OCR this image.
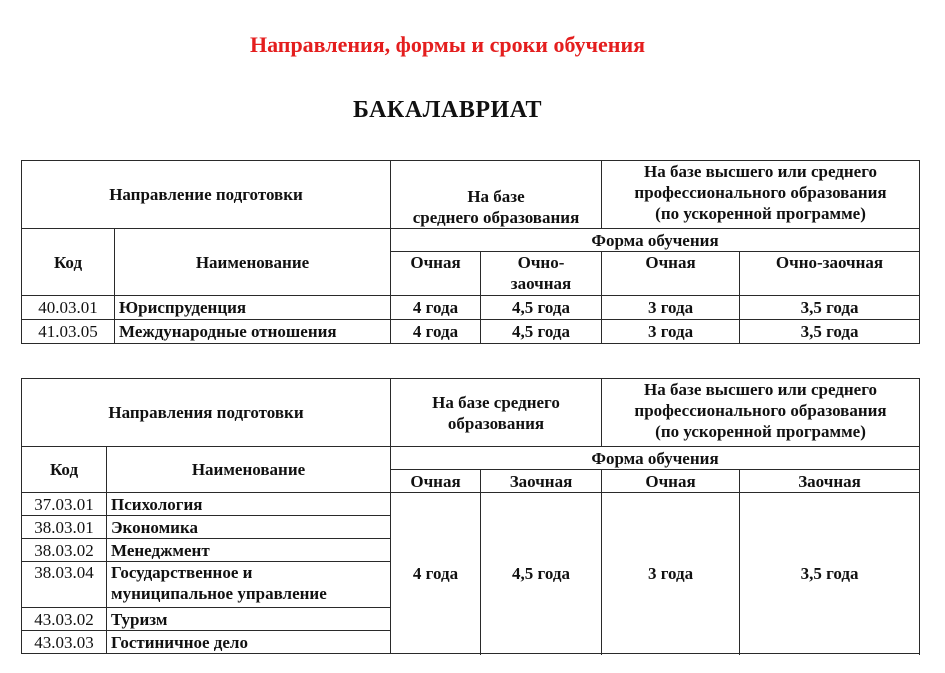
Направления, формы и сроки обучения
БАКАЛАВРИАТ
Направление подготовки		На базе
среднего образования		На базе высшего или среднего
профессионального образования
(по ускоренной программе)	
Код	Наименование	Форма обучения			
		Очная	Очно-
заочная	Очная	Очно-заочная
40.03.01	Юриспруденция	4 года	4,5 года	3 года	3,5 года
41.03.05	Международные отношения	4 года	4,5 года	3 года	3,5 года
Направления подготовки		На базе среднего
образования		На базе высшего или среднего
профессионального образования
(по ускоренной программе)	
Код	Наименование	Форма обучения			
		Очная	Заочная	Очная	Заочная
37.03.01	Психология	4 года	4,5 года	3 года	3,5 года
38.03.01	Экономика				
38.03.02	Менеджмент				
38.03.04	Государственное и
муниципальное управление				
43.03.02	Туризм				
43.03.03	Гостиничное дело				
